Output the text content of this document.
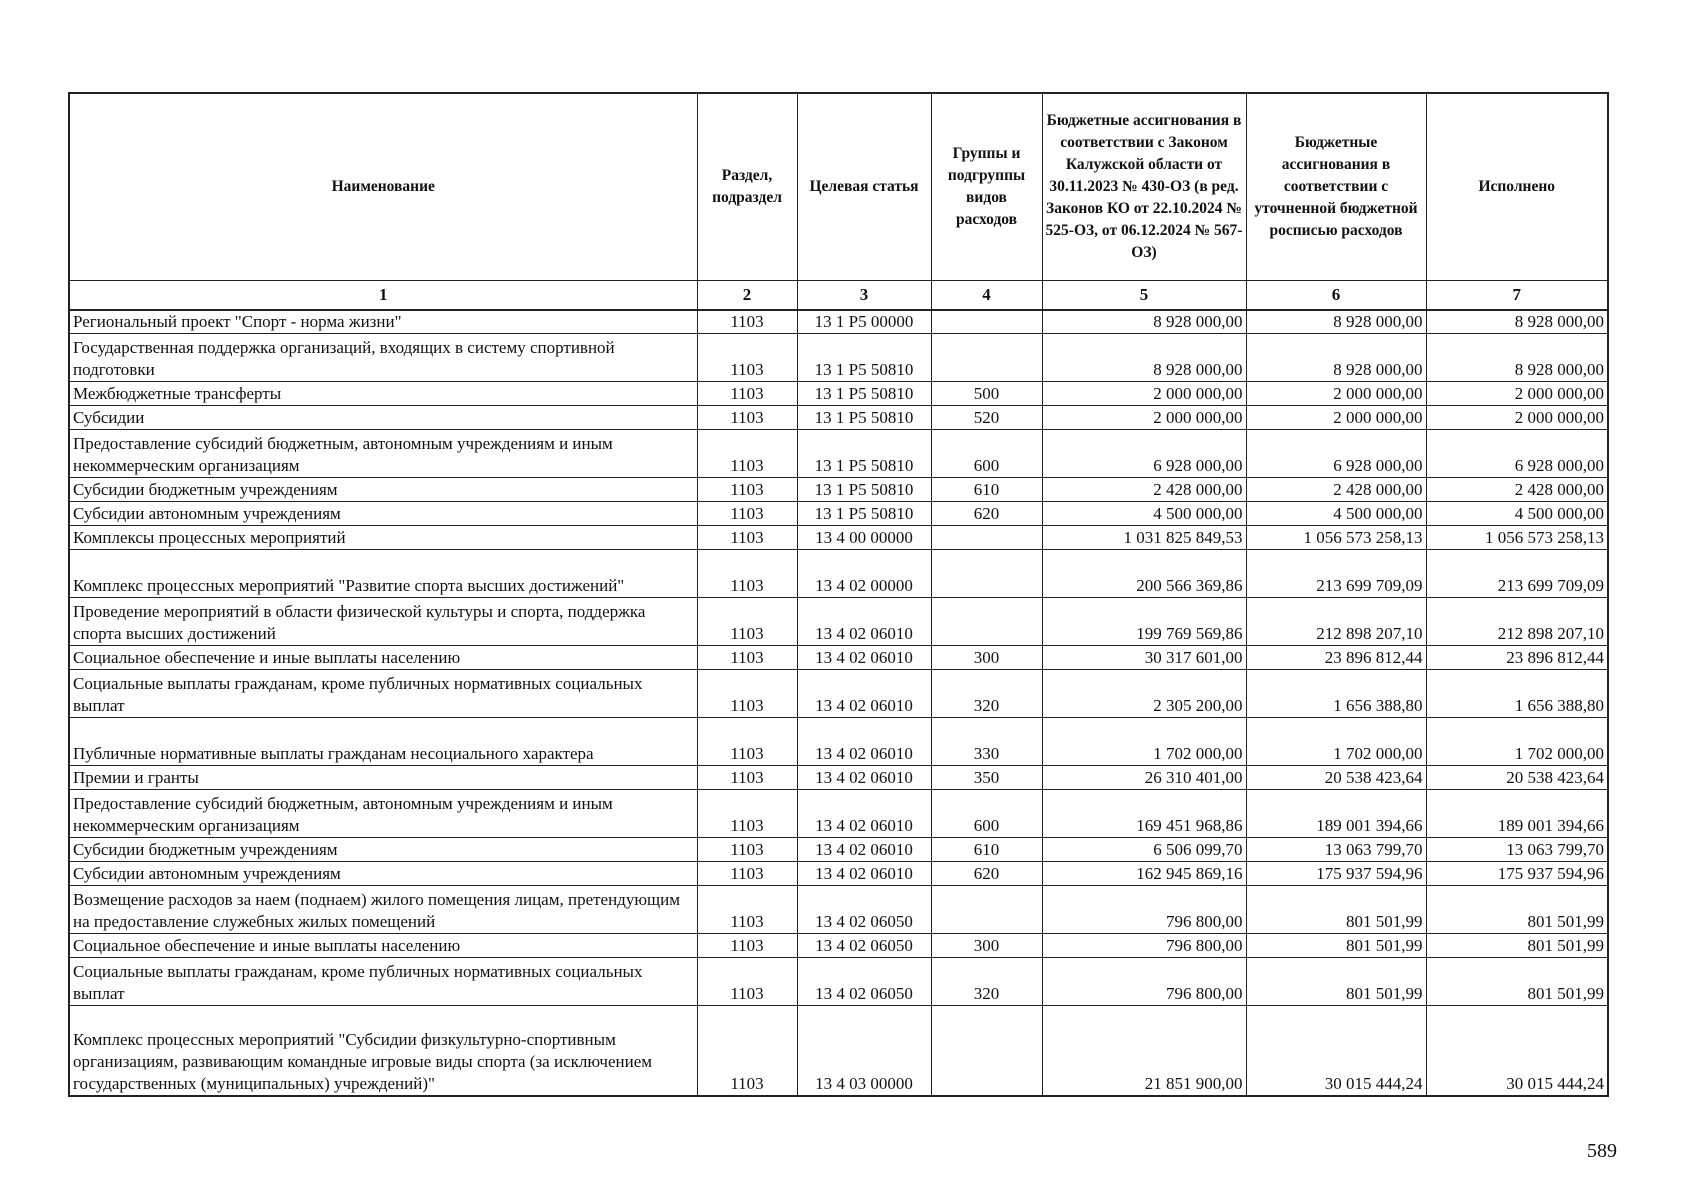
Наименование	Раздел, подраздел	Целевая статья	Группы и подгруппы видов расходов	Бюджетные ассигнования в соответствии с Законом Калужской области от 30.11.2023 № 430-ОЗ (в ред. Законов КО от 22.10.2024 № 525-ОЗ, от 06.12.2024 № 567-ОЗ)	Бюджетные ассигнования в соответствии с уточненной бюджетной росписью расходов	Исполнено
1	2	3	4	5	6	7
Региональный проект "Спорт - норма жизни"	1103	13 1 Р5 00000		8 928 000,00	8 928 000,00	8 928 000,00
Государственная поддержка организаций, входящих в систему спортивной подготовки	1103	13 1 Р5 50810		8 928 000,00	8 928 000,00	8 928 000,00
Межбюджетные трансферты	1103	13 1 Р5 50810	500	2 000 000,00	2 000 000,00	2 000 000,00
Субсидии	1103	13 1 Р5 50810	520	2 000 000,00	2 000 000,00	2 000 000,00
Предоставление субсидий бюджетным, автономным учреждениям и иным некоммерческим организациям	1103	13 1 Р5 50810	600	6 928 000,00	6 928 000,00	6 928 000,00
Субсидии бюджетным учреждениям	1103	13 1 Р5 50810	610	2 428 000,00	2 428 000,00	2 428 000,00
Субсидии автономным учреждениям	1103	13 1 Р5 50810	620	4 500 000,00	4 500 000,00	4 500 000,00
Комплексы процессных мероприятий	1103	13 4 00 00000		1 031 825 849,53	1 056 573 258,13	1 056 573 258,13
Комплекс процессных мероприятий "Развитие спорта высших достижений"	1103	13 4 02 00000		200 566 369,86	213 699 709,09	213 699 709,09
Проведение мероприятий в области физической культуры и спорта, поддержка спорта высших достижений	1103	13 4 02 06010		199 769 569,86	212 898 207,10	212 898 207,10
Социальное обеспечение и иные выплаты населению	1103	13 4 02 06010	300	30 317 601,00	23 896 812,44	23 896 812,44
Социальные выплаты гражданам, кроме публичных нормативных социальных выплат	1103	13 4 02 06010	320	2 305 200,00	1 656 388,80	1 656 388,80
Публичные нормативные выплаты гражданам несоциального характера	1103	13 4 02 06010	330	1 702 000,00	1 702 000,00	1 702 000,00
Премии и гранты	1103	13 4 02 06010	350	26 310 401,00	20 538 423,64	20 538 423,64
Предоставление субсидий бюджетным, автономным учреждениям и иным некоммерческим организациям	1103	13 4 02 06010	600	169 451 968,86	189 001 394,66	189 001 394,66
Субсидии бюджетным учреждениям	1103	13 4 02 06010	610	6 506 099,70	13 063 799,70	13 063 799,70
Субсидии автономным учреждениям	1103	13 4 02 06010	620	162 945 869,16	175 937 594,96	175 937 594,96
Возмещение расходов за наем (поднаем) жилого помещения лицам, претендующим на предоставление служебных жилых помещений	1103	13 4 02 06050		796 800,00	801 501,99	801 501,99
Социальное обеспечение и иные выплаты населению	1103	13 4 02 06050	300	796 800,00	801 501,99	801 501,99
Социальные выплаты гражданам, кроме публичных нормативных социальных выплат	1103	13 4 02 06050	320	796 800,00	801 501,99	801 501,99
Комплекс процессных мероприятий "Субсидии физкультурно-спортивным организациям, развивающим командные игровые виды спорта (за исключением государственных (муниципальных) учреждений)"	1103	13 4 03 00000		21 851 900,00	30 015 444,24	30 015 444,24
589
